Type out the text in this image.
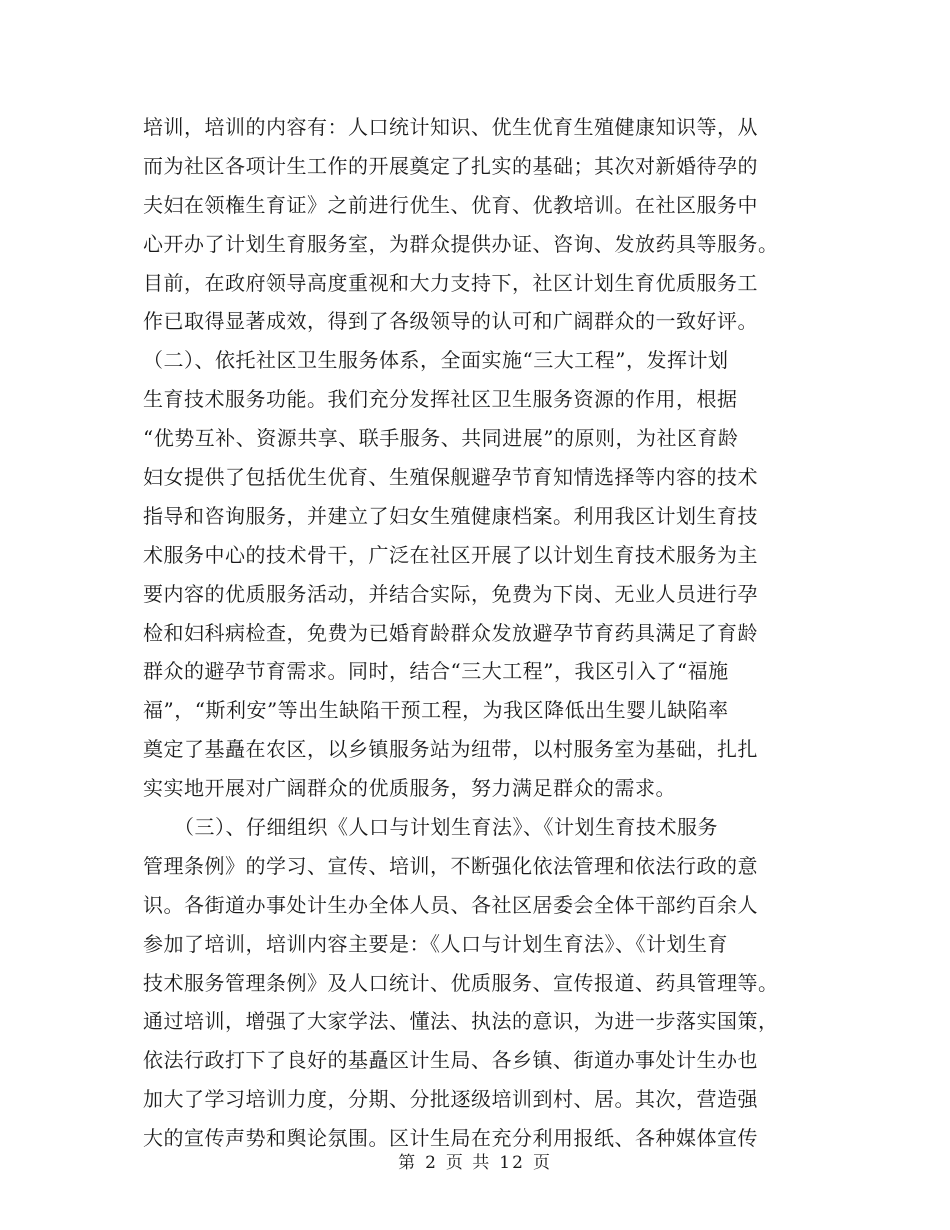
培训，培训的内容有：人口统计知识、优生优育生殖健康知识等，从
而为社区各项计生工作的开展奠定了扎实的基础；其次对新婚待孕的
夫妇在领権生育证》之前进行优生、优育、优教培训。在社区服务中
心开办了计划生育服务室，为群众提供办证、咨询、发放药具等服务。
目前，在政府领导高度重视和大力支持下，社区计划生育优质服务工
作已取得显著成效，得到了各级领导的认可和广阔群众的一致好评。
（二）、依托社区卫生服务体系，全面实施“三大工程”，发挥计划
生育技术服务功能。我们充分发挥社区卫生服务资源的作用，根据
“优势互补、资源共享、联手服务、共同进展”的原则，为社区育龄
妇女提供了包括优生优育、生殖保舰避孕节育知情选择等内容的技术
指导和咨询服务，并建立了妇女生殖健康档案。利用我区计划生育技
术服务中心的技术骨干，广泛在社区开展了以计划生育技术服务为主
要内容的优质服务活动，并结合实际，免费为下岗、无业人员进行孕
检和妇科病检查，免费为已婚育龄群众发放避孕节育药具满足了育龄
群众的避孕节育需求。同时，结合“三大工程”，我区引入了“福施
福”，“斯利安”等出生缺陷干预工程，为我区降低出生婴儿缺陷率
奠定了基矗在农区，以乡镇服务站为纽带，以村服务室为基础，扎扎
实实地开展对广阔群众的优质服务，努力满足群众的需求。
　　（三）、仔细组织《人口与计划生育法》、《计划生育技术服务
管理条例》的学习、宣传、培训，不断强化依法管理和依法行政的意
识。各街道办事处计生办全体人员、各社区居委会全体干部约百余人
参加了培训，培训内容主要是：《人口与计划生育法》、《计划生育
技术服务管理条例》及人口统计、优质服务、宣传报道、药具管理等。
通过培训，增强了大家学法、懂法、执法的意识，为进一步落实国策，
依法行政打下了良好的基矗区计生局、各乡镇、街道办事处计生办也
加大了学习培训力度，分期、分批逐级培训到村、居。其次，营造强
大的宣传声势和舆论氛围。区计生局在充分利用报纸、各种媒体宣传
第 2 页 共 12 页
